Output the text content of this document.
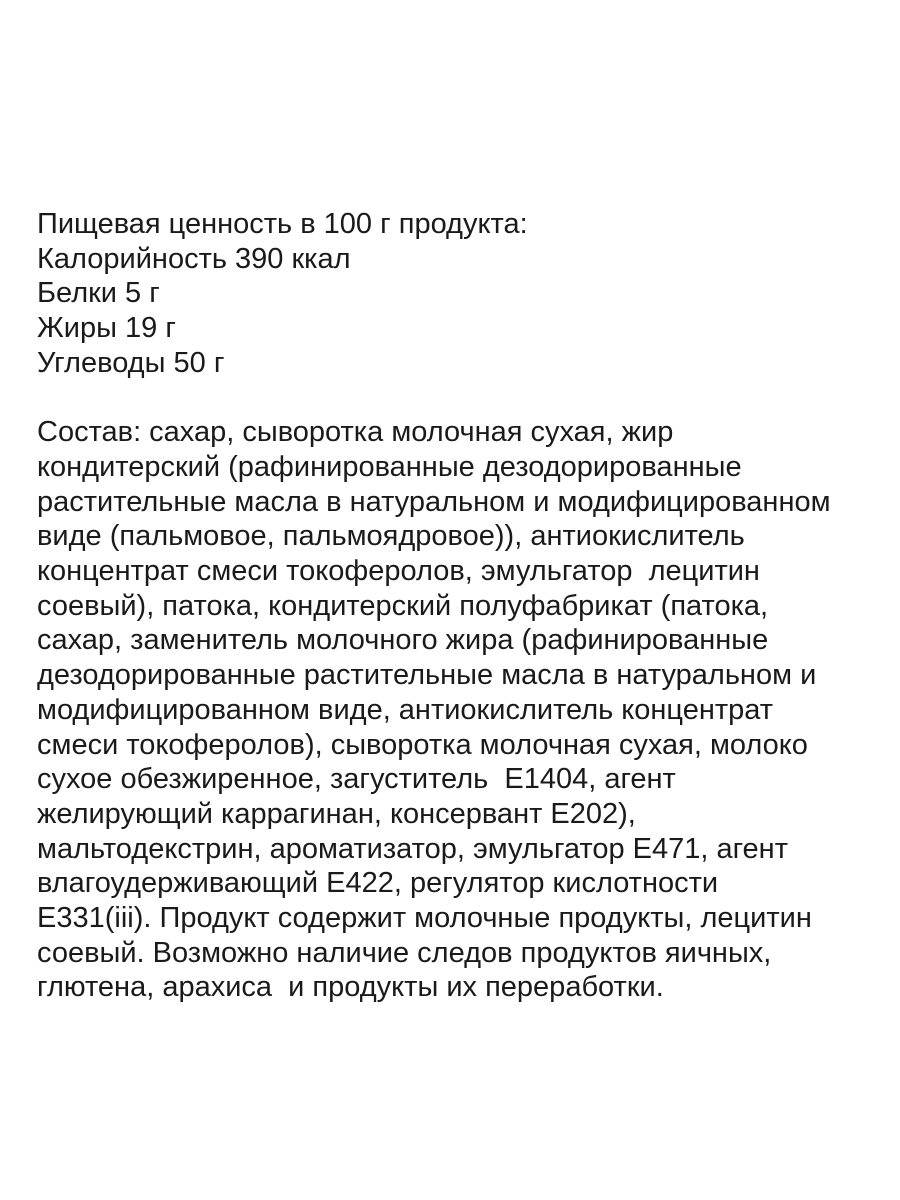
Пищевая ценность в 100 г продукта:

Калорийность 390 ккал

Белки 5 г

Жиры 19 г

Углеводы 50 г

Состав: сахар, сыворотка молочная сухая, жир

кондитерский (рафинированные дезодорированные

растительные масла в натуральном и модифицированном

виде (пальмовое, пальмоядровое)), антиокислитель

концентрат смеси токоферолов, эмульгатор  лецитин

соевый), патока, кондитерский полуфабрикат (патока,

сахар, заменитель молочного жира (рафинированные

дезодорированные растительные масла в натуральном и

модифицированном виде, антиокислитель концентрат

смеси токоферолов), сыворотка молочная сухая, молоко

сухое обезжиренное, загуститель  Е1404, агент

желирующий каррагинан, консервант Е202),

мальтодекстрин, ароматизатор, эмульгатор Е471, агент

влагоудерживающий Е422, регулятор кислотности

Е331(iii). Продукт содержит молочные продукты, лецитин

соевый. Возможно наличие следов продуктов яичных,

глютена, арахиса  и продукты их переработки.
